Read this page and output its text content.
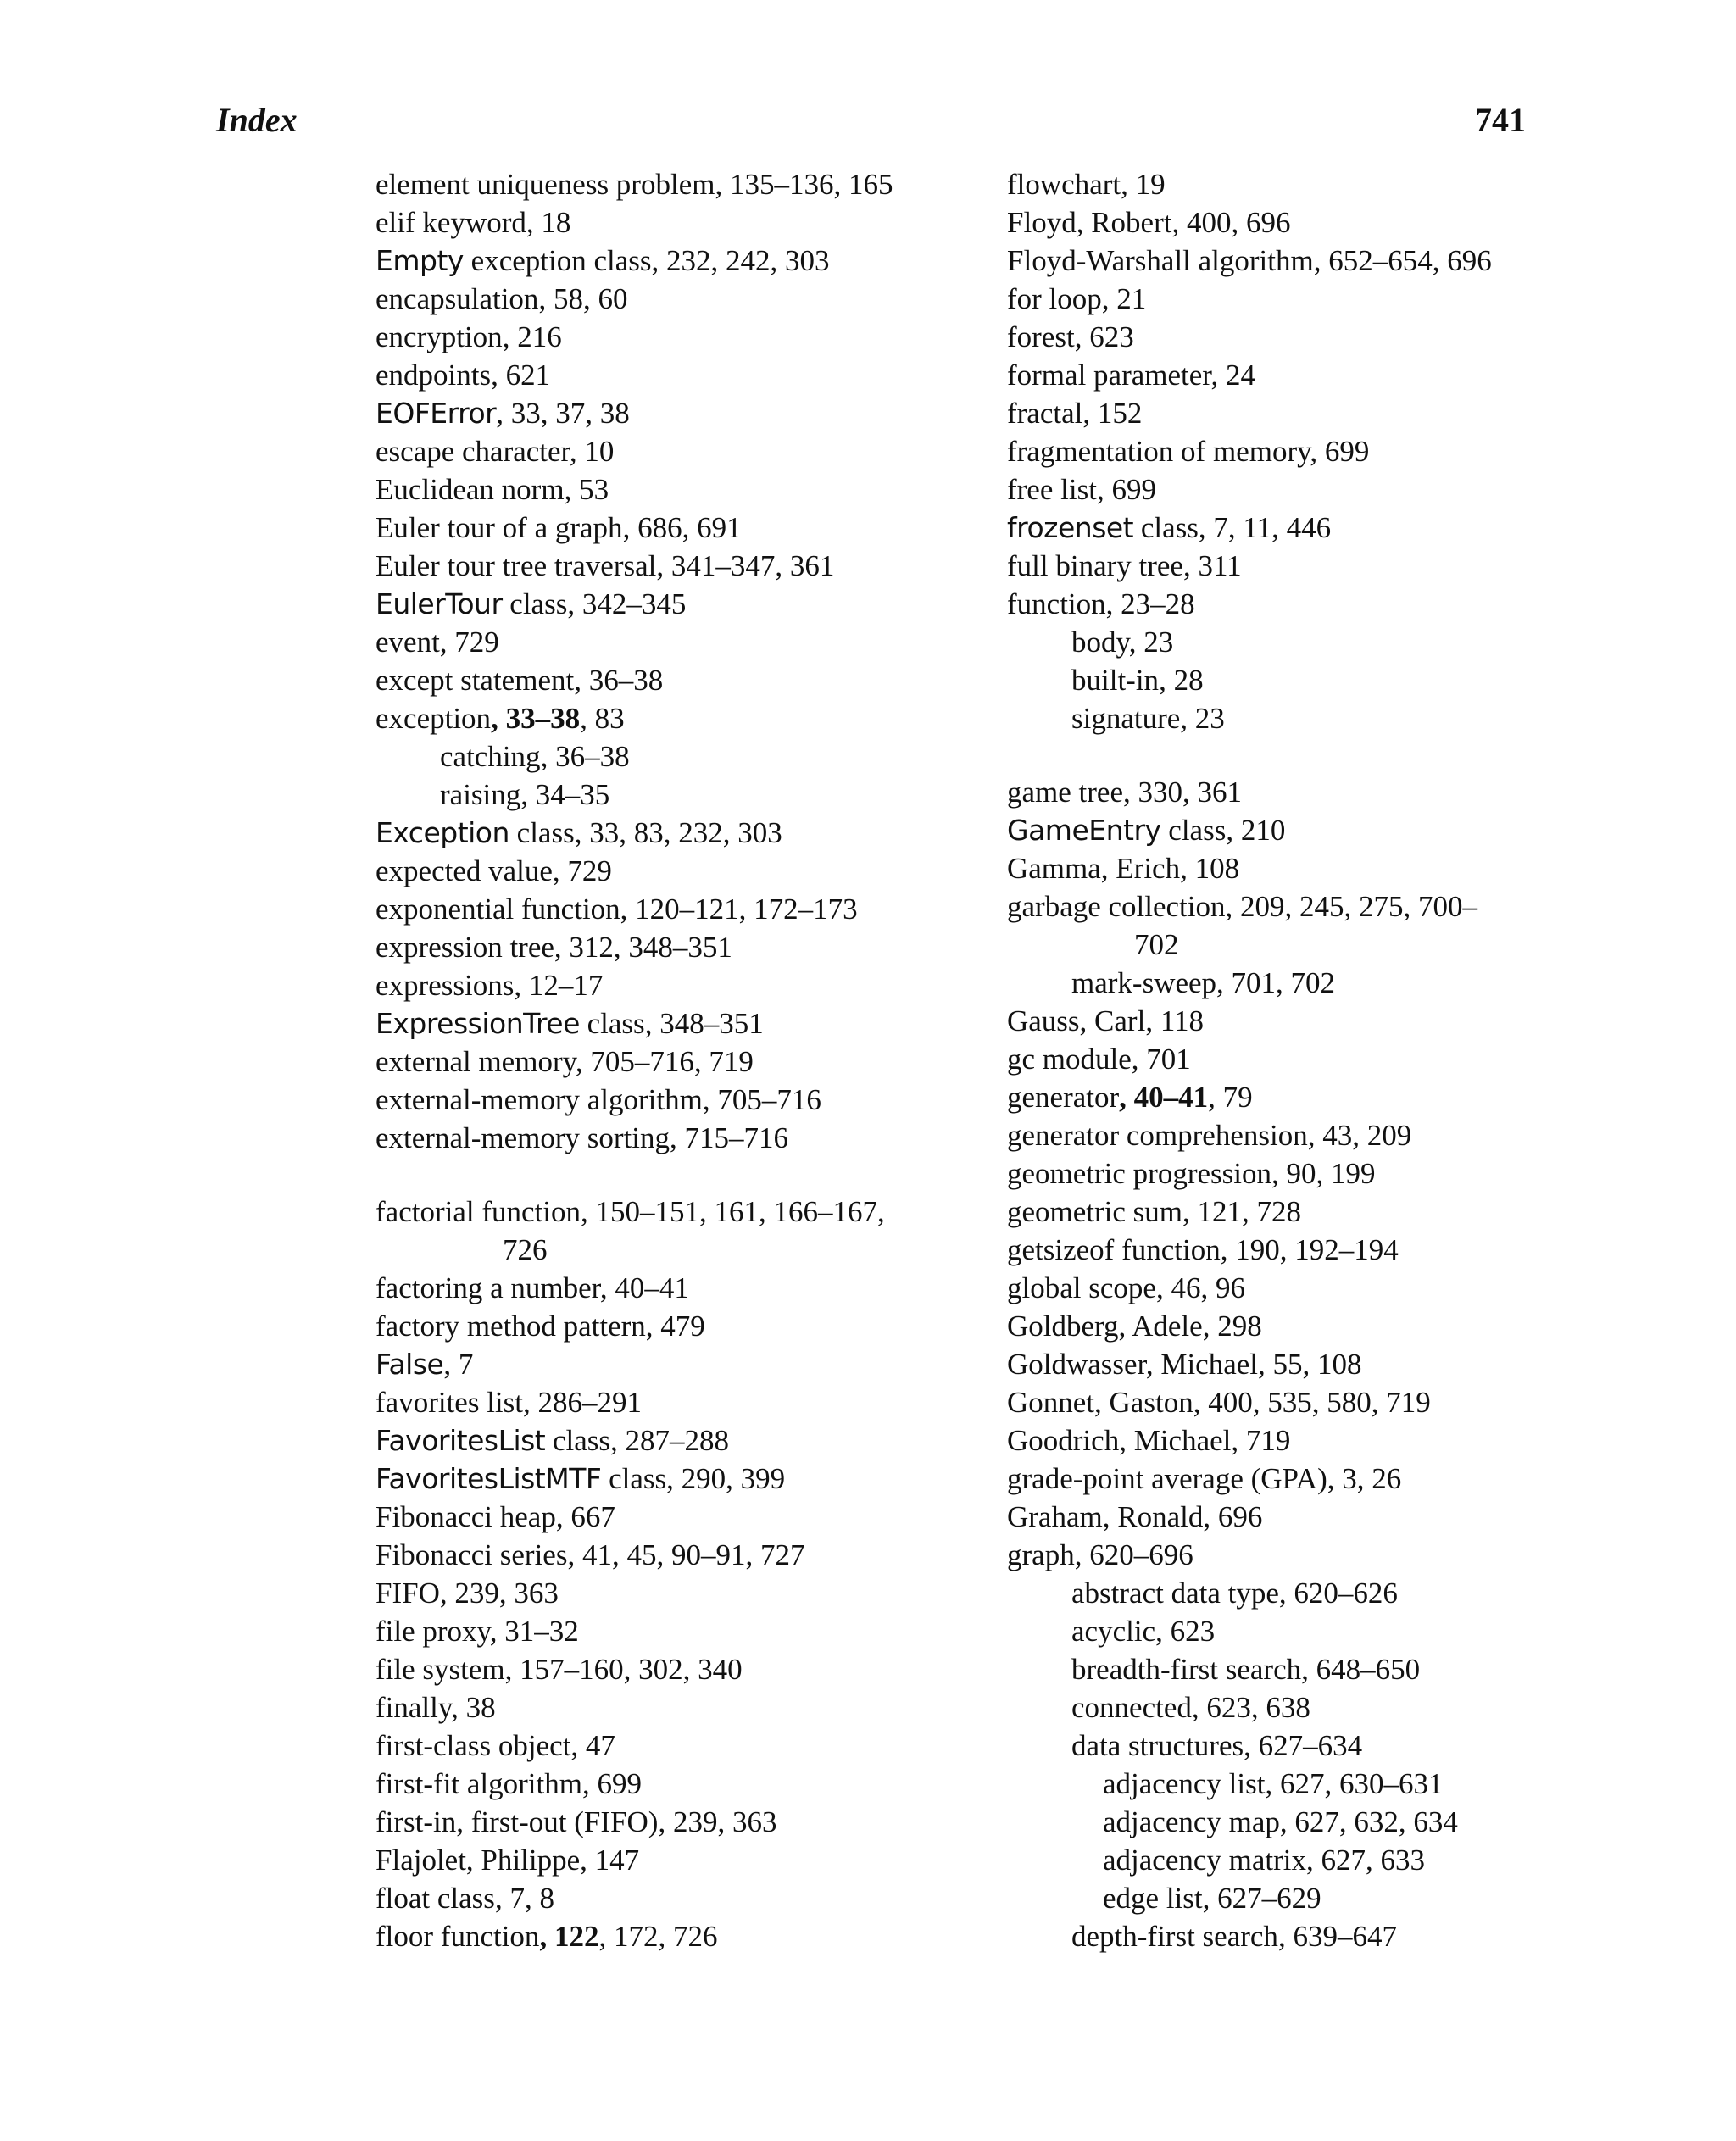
Index	741
element uniqueness problem, 135–136, 165
elif keyword, 18
Empty exception class, 232, 242, 303
encapsulation, 58, 60
encryption, 216
endpoints, 621
EOFError, 33, 37, 38
escape character, 10
Euclidean norm, 53
Euler tour of a graph, 686, 691
Euler tour tree traversal, 341–347, 361
EulerTour class, 342–345
event, 729
except statement, 36–38
exception, 33–38, 83
catching, 36–38
raising, 34–35
Exception class, 33, 83, 232, 303
expected value, 729
exponential function, 120–121, 172–173
expression tree, 312, 348–351
expressions, 12–17
ExpressionTree class, 348–351
external memory, 705–716, 719
external-memory algorithm, 705–716
external-memory sorting, 715–716
factorial function, 150–151, 161, 166–167,
726
factoring a number, 40–41
factory method pattern, 479
False, 7
favorites list, 286–291
FavoritesList class, 287–288
FavoritesListMTF class, 290, 399
Fibonacci heap, 667
Fibonacci series, 41, 45, 90–91, 727
FIFO, 239, 363
file proxy, 31–32
file system, 157–160, 302, 340
finally, 38
first-class object, 47
first-fit algorithm, 699
first-in, first-out (FIFO), 239, 363
Flajolet, Philippe, 147
float class, 7, 8
floor function, 122, 172, 726
flowchart, 19
Floyd, Robert, 400, 696
Floyd-Warshall algorithm, 652–654, 696
for loop, 21
forest, 623
formal parameter, 24
fractal, 152
fragmentation of memory, 699
free list, 699
frozenset class, 7, 11, 446
full binary tree, 311
function, 23–28
body, 23
built-in, 28
signature, 23
game tree, 330, 361
GameEntry class, 210
Gamma, Erich, 108
garbage collection, 209, 245, 275, 700–
702
mark-sweep, 701, 702
Gauss, Carl, 118
gc module, 701
generator, 40–41, 79
generator comprehension, 43, 209
geometric progression, 90, 199
geometric sum, 121, 728
getsizeof function, 190, 192–194
global scope, 46, 96
Goldberg, Adele, 298
Goldwasser, Michael, 55, 108
Gonnet, Gaston, 400, 535, 580, 719
Goodrich, Michael, 719
grade-point average (GPA), 3, 26
Graham, Ronald, 696
graph, 620–696
abstract data type, 620–626
acyclic, 623
breadth-first search, 648–650
connected, 623, 638
data structures, 627–634
adjacency list, 627, 630–631
adjacency map, 627, 632, 634
adjacency matrix, 627, 633
edge list, 627–629
depth-first search, 639–647
